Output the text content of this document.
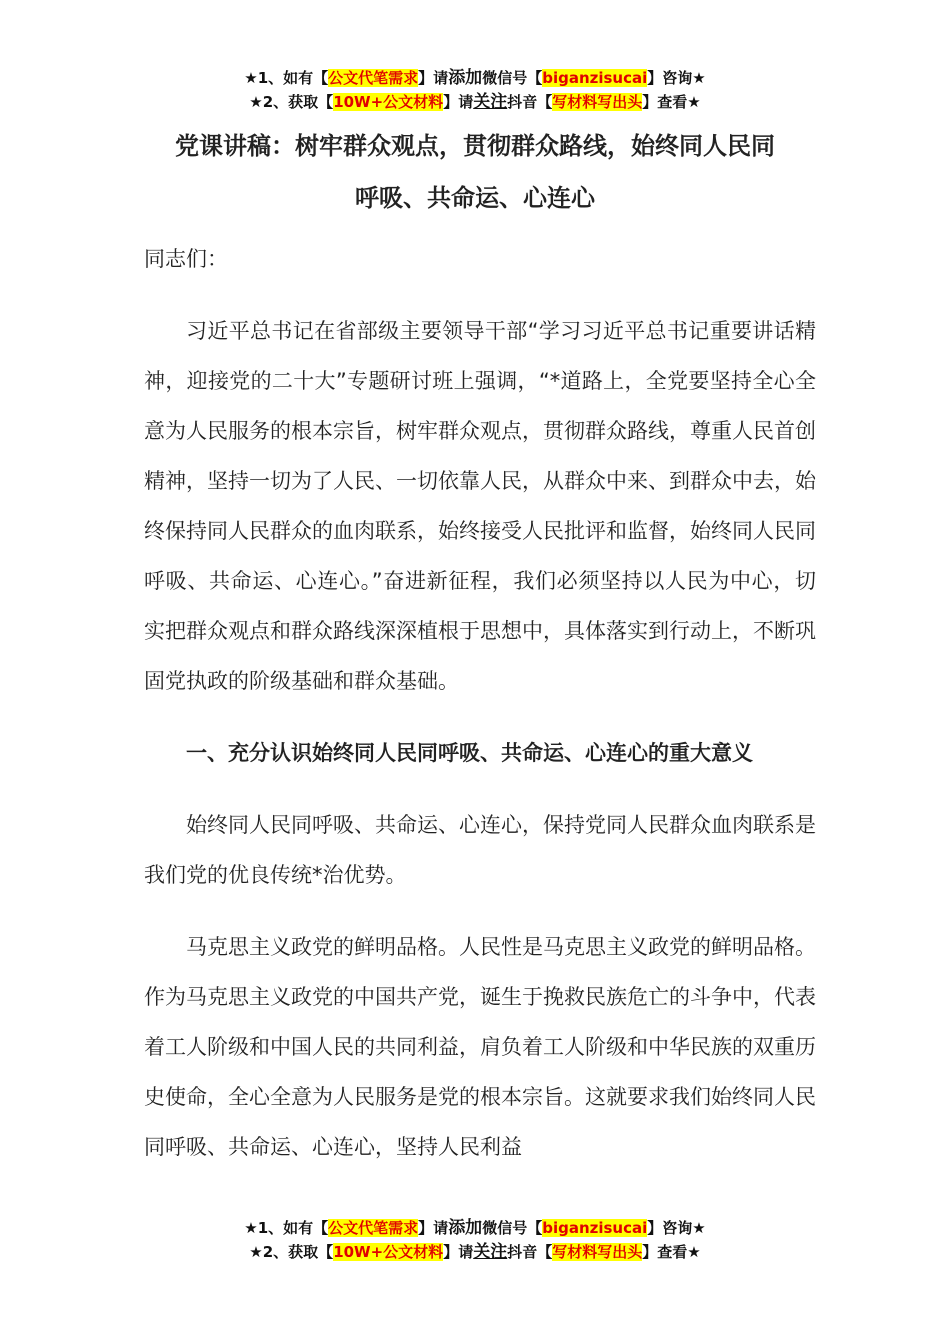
★1、如有【公文代笔需求】请添加微信号【biganzisucai】咨询★
★2、获取【10W+公文材料】请关注抖音【写材料写出头】查看★
党课讲稿：树牢群众观点，贯彻群众路线，始终同人民同
呼吸、共命运、心连心

同志们：

习近平总书记在省部级主要领导干部“学习习近平总书记重要讲话精神，迎接党的二十大”专题研讨班上强调，“*道路上，全党要坚持全心全意为人民服务的根本宗旨，树牢群众观点，贯彻群众路线，尊重人民首创精神，坚持一切为了人民、一切依靠人民，从群众中来、到群众中去，始终保持同人民群众的血肉联系，始终接受人民批评和监督，始终同人民同呼吸、共命运、心连心。”奋进新征程，我们必须坚持以人民为中心，切实把群众观点和群众路线深深植根于思想中，具体落实到行动上，不断巩固党执政的阶级基础和群众基础。

一、充分认识始终同人民同呼吸、共命运、心连心的重大意义

始终同人民同呼吸、共命运、心连心，保持党同人民群众血肉联系是我们党的优良传统*治优势。

马克思主义政党的鲜明品格。人民性是马克思主义政党的鲜明品格。作为马克思主义政党的中国共产党，诞生于挽救民族危亡的斗争中，代表着工人阶级和中国人民的共同利益，肩负着工人阶级和中华民族的双重历史使命，全心全意为人民服务是党的根本宗旨。这就要求我们始终同人民同呼吸、共命运、心连心，坚持人民利益

★1、如有【公文代笔需求】请添加微信号【biganzisucai】咨询★
★2、获取【10W+公文材料】请关注抖音【写材料写出头】查看★
